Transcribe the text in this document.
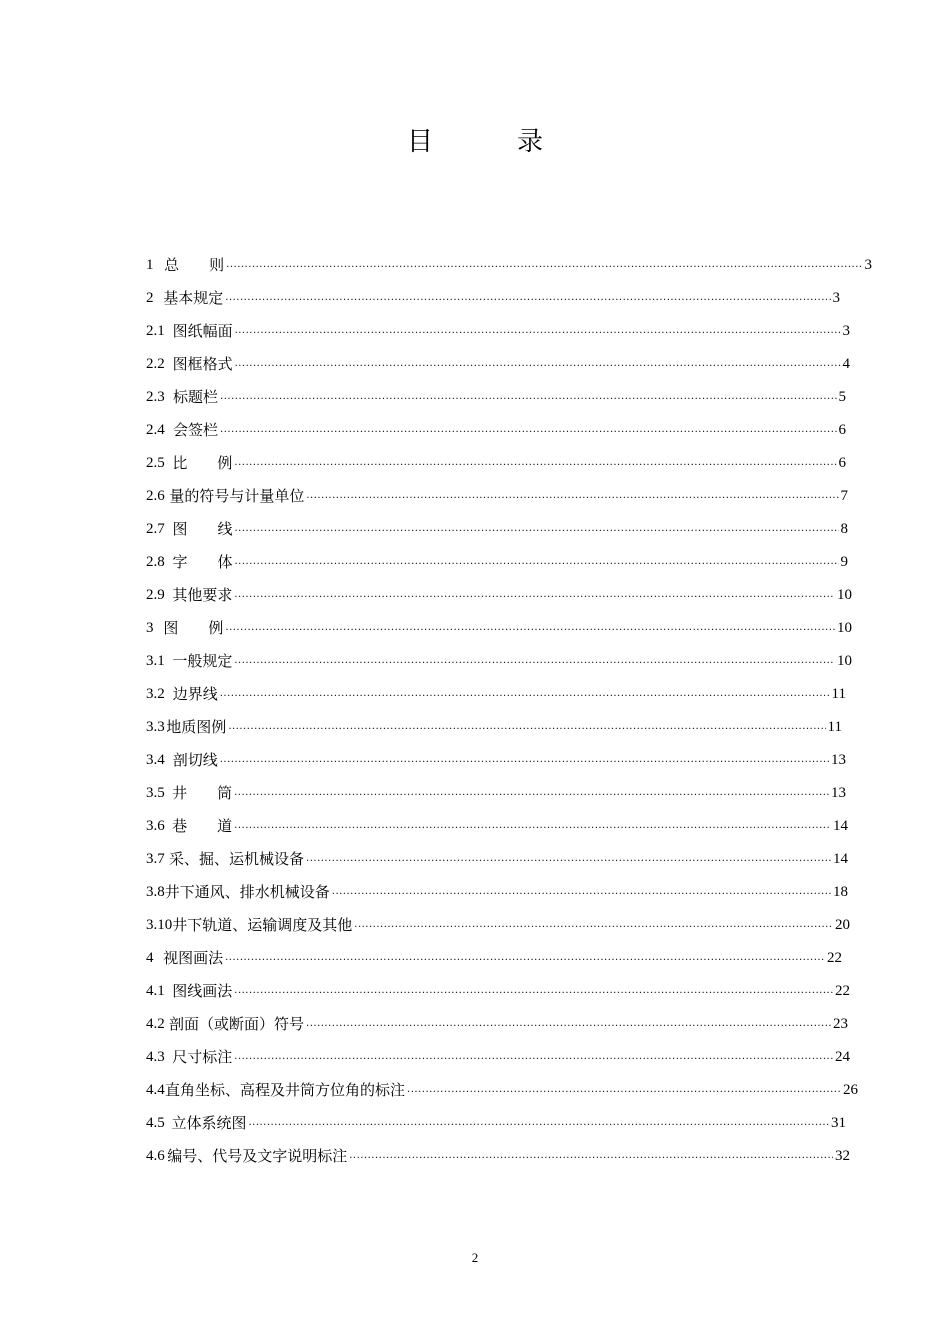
目	录
1 总　　则 .....	3
2 基本规定 .....	3
2.1 图纸幅面 .....	3
2.2 图框格式 .....	4
2.3 标题栏 .....	5
2.4 会签栏 .....	6
2.5 比　　例 .....	6
2.6 量的符号与计量单位 .....	7
2.7 图　　线 .....	8
2.8 字　　体 .....	9
2.9 其他要求 .....	10
3 图　　例 .....	10
3.1 一般规定 .....	10
3.2 边界线 .....	11
3.3 地质图例 .....	11
3.4 剖切线 .....	13
3.5 井　　筒 .....	13
3.6 巷　　道 .....	14
3.7 采、掘、运机械设备 .....	14
3.8 井下通风、排水机械设备 .....	18
3.10 井下轨道、运输调度及其他 .....	20
4 视图画法 .....	22
4.1 图线画法 .....	22
4.2 剖面（或断面）符号 .....	23
4.3 尺寸标注 .....	24
4.4 直角坐标、高程及井筒方位角的标注 .....	26
4.5 立体系统图 .....	31
4.6 编号、代号及文字说明标注 .....	32
2
